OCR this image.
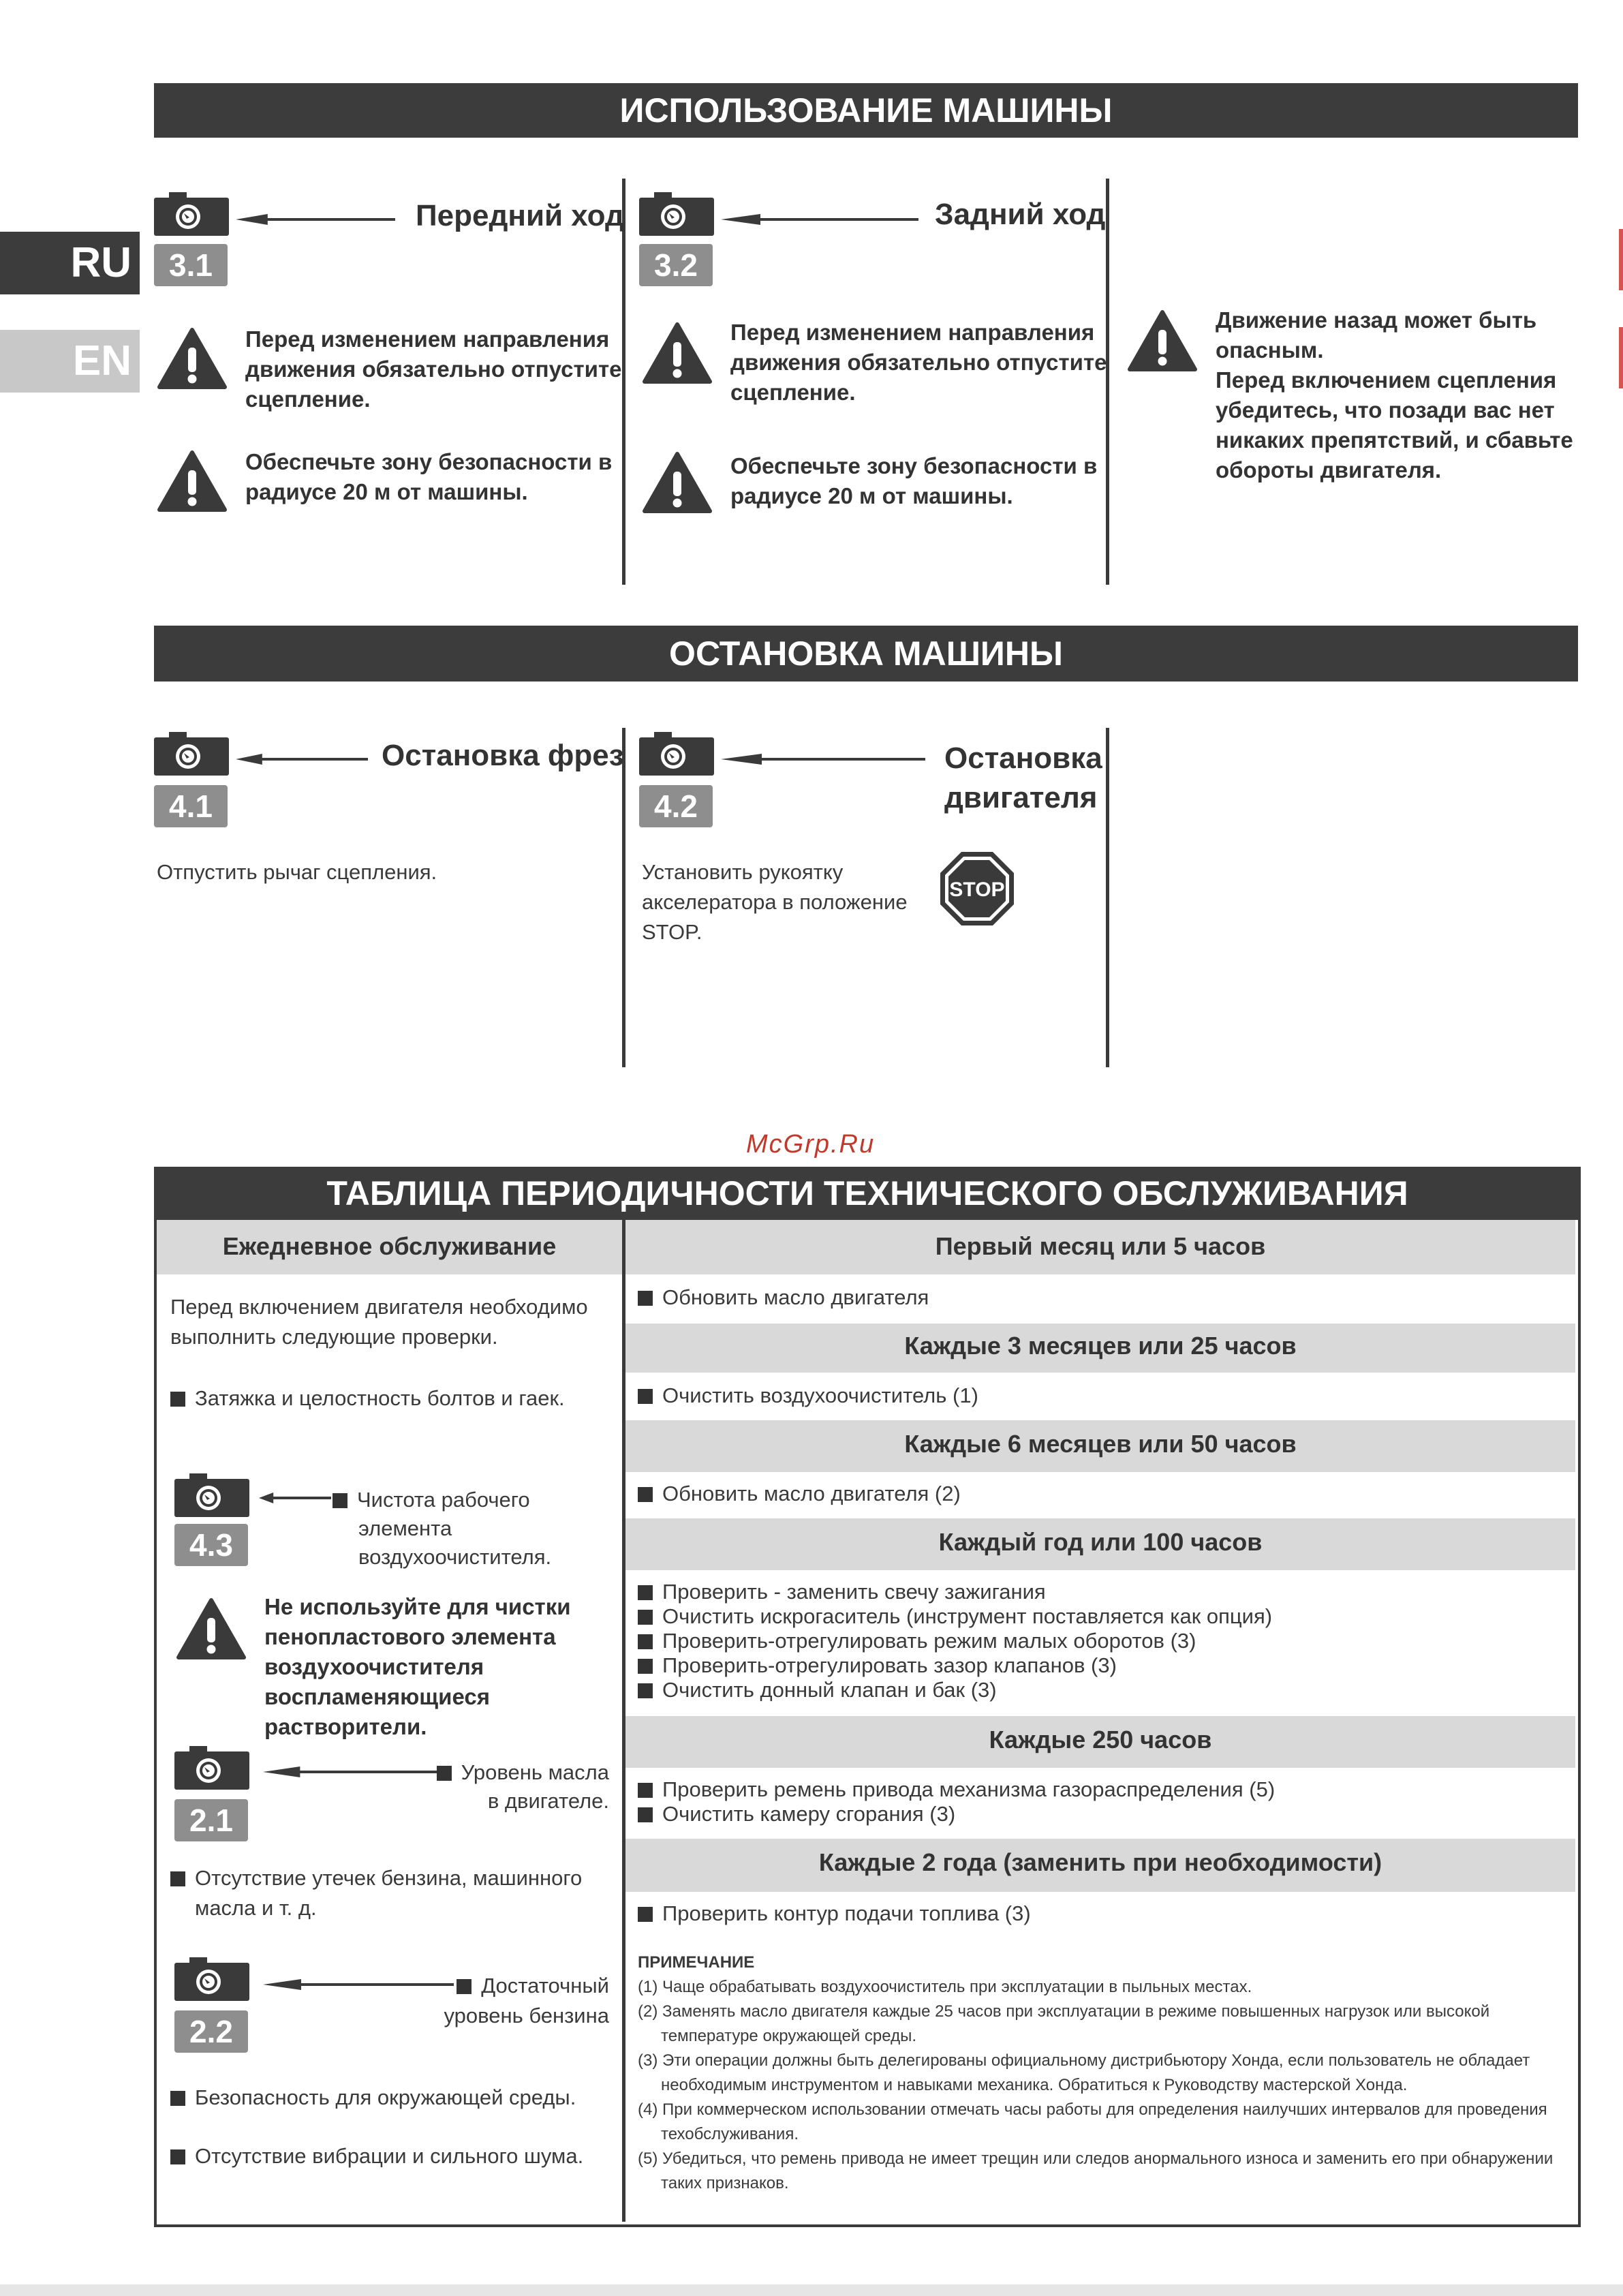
RU
EN
ИСПОЛЬЗОВАНИЕ МАШИНЫ
Передний ход
3.1
Перед изменением направления
движения обязательно отпустите
сцепление.
Обеспечьте зону безопасности в
радиусе 20 м от машины.
Задний ход
3.2
Перед изменением направления
движения обязательно отпустите
сцепление.
Обеспечьте зону безопасности в
радиусе 20 м от машины.
Движение назад может быть
опасным.
Перед включением сцепления
убедитесь, что позади вас нет
никаких препятствий, и сбавьте
обороты двигателя.
ОСТАНОВКА МАШИНЫ
Остановка фрез
4.1
Отпустить рычаг сцепления.
Остановка
двигателя
4.2
Установить рукоятку
акселератора в положение
STOP.
STOP
McGrp.Ru
ТАБЛИЦА ПЕРИОДИЧНОСТИ ТЕХНИЧЕСКОГО ОБСЛУЖИВАНИЯ
Ежедневное обслуживание	Первый месяц или 5 часов
Обновить масло двигателя
Каждые 3 месяцев или 25 часов
Очистить воздухоочиститель (1)
Каждые 6 месяцев или 50 часов
Обновить масло двигателя (2)
Каждый год или 100 часов
Проверить - заменить свечу зажигания
Очистить искрогаситель (инструмент поставляется как опция)
Проверить-отрегулировать режим малых оборотов (3)
Проверить-отрегулировать зазор клапанов (3)
Очистить донный клапан и бак (3)
Каждые 250 часов
Проверить ремень привода механизма газораспределения (5)
Очистить камеру сгорания (3)
Каждые 2 года (заменить при необходимости)
Проверить контур подачи топлива (3)
ПРИМЕЧАНИЕ
(1) Чаще обрабатывать воздухоочиститель при эксплуатации в пыльных местах.
(2) Заменять масло двигателя каждые 25 часов при эксплуатации в режиме повышенных нагрузок или высокой
температуре окружающей среды.
(3) Эти операции должны быть делегированы официальному дистрибьютору Хонда, если пользователь не обладает
необходимым инструментом и навыками механика. Обратиться к Руководству мастерской Хонда.
(4) При коммерческом использовании отмечать часы работы для определения наилучших интервалов для проведения
техобслуживания.
(5) Убедиться, что ремень привода не имеет трещин или следов анормального износа и заменить его при обнаружении
таких признаков.
Перед включением двигателя необходимо
выполнить следующие проверки.
Затяжка и целостность болтов и гаек.
4.3
Чистота рабочего
элемента
воздухоочистителя.
Не используйте для чистки
пенопластового элемента
воздухоочистителя
воспламеняющиеся
растворители.
2.1
Уровень масла
в двигателе.
Отсутствие утечек бензина, машинного
масла и т. д.
2.2
Достаточный
уровень бензина
Безопасность для окружающей среды.
Отсутствие вибрации и сильного шума.
